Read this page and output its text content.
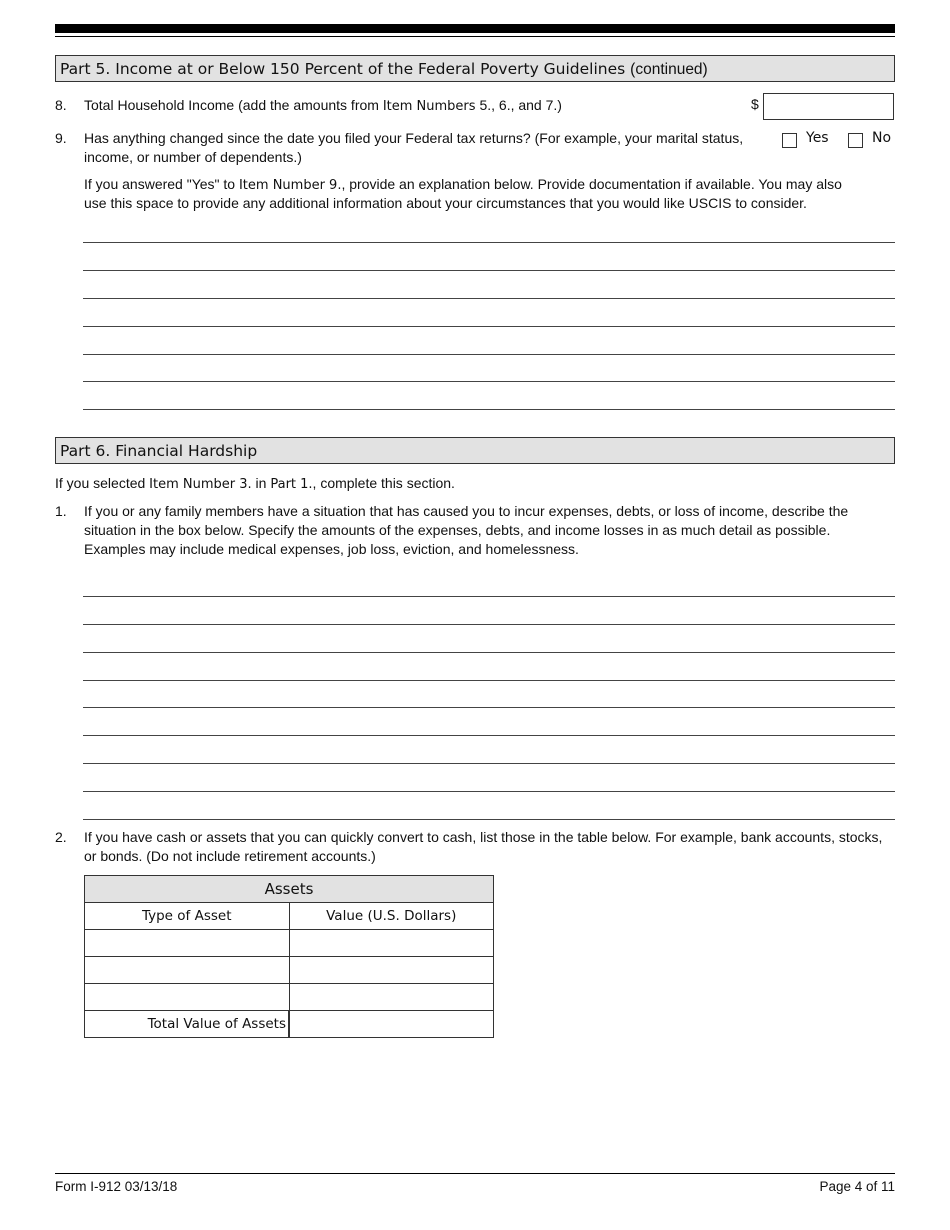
Part 5. Income at or Below 150 Percent of the Federal Poverty Guidelines (continued)
8. Total Household Income (add the amounts from Item Numbers 5., 6., and 7.)	$
9. Has anything changed since the date you filed your Federal tax returns? (For example, your marital status,
income, or number of dependents.)
Yes	No
If you answered "Yes" to Item Number 9., provide an explanation below. Provide documentation if available. You may also
use this space to provide any additional information about your circumstances that you would like USCIS to consider.
Part 6. Financial Hardship
If you selected Item Number 3. in Part 1., complete this section.
1. If you or any family members have a situation that has caused you to incur expenses, debts, or loss of income, describe the
situation in the box below. Specify the amounts of the expenses, debts, and income losses in as much detail as possible.
Examples may include medical expenses, job loss, eviction, and homelessness.
2. If you have cash or assets that you can quickly convert to cash, list those in the table below. For example, bank accounts, stocks,
or bonds. (Do not include retirement accounts.)
Assets	
Type of Asset	Value (U.S. Dollars)

Total Value of Assets	
Form I-912 03/13/18	Page 4 of 11
